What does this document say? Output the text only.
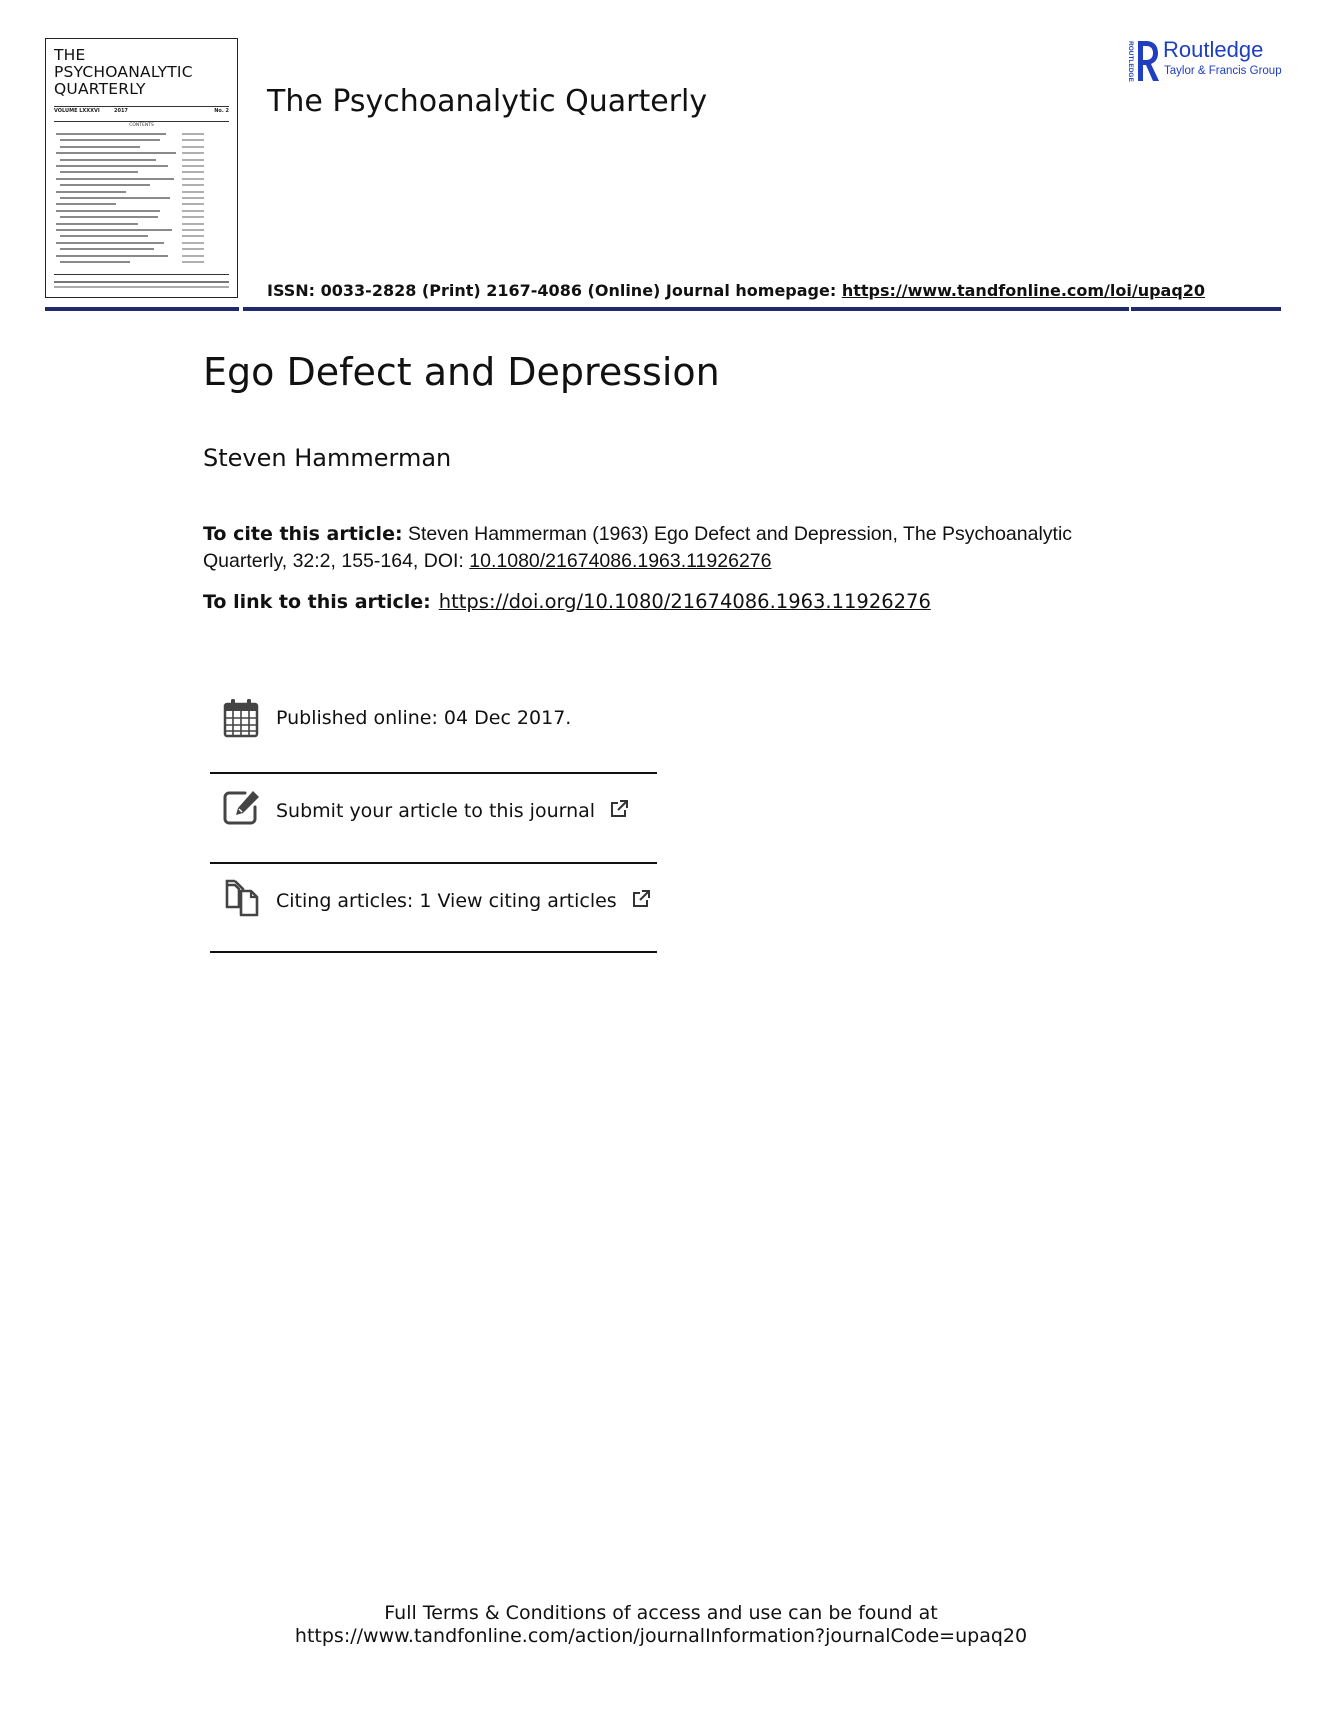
THE
PSYCHOANALYTIC
QUARTERLY
VOLUME LXXXVI	2017	No. 2
CONTENTS
The Psychoanalytic Quarterly
ROUTLEDGE Routledge
Taylor & Francis Group
ISSN: 0033-2828 (Print) 2167-4086 (Online) Journal homepage: https://www.tandfonline.com/loi/upaq20
Ego Defect and Depression
Steven Hammerman
To cite this article: Steven Hammerman (1963) Ego Defect and Depression, The Psychoanalytic Quarterly, 32:2, 155-164, DOI: 10.1080/21674086.1963.11926276
To link to this article: https://doi.org/10.1080/21674086.1963.11926276
Published online: 04 Dec 2017.
Submit your article to this journal
Citing articles: 1 View citing articles
Full Terms & Conditions of access and use can be found at
https://www.tandfonline.com/action/journalInformation?journalCode=upaq20
